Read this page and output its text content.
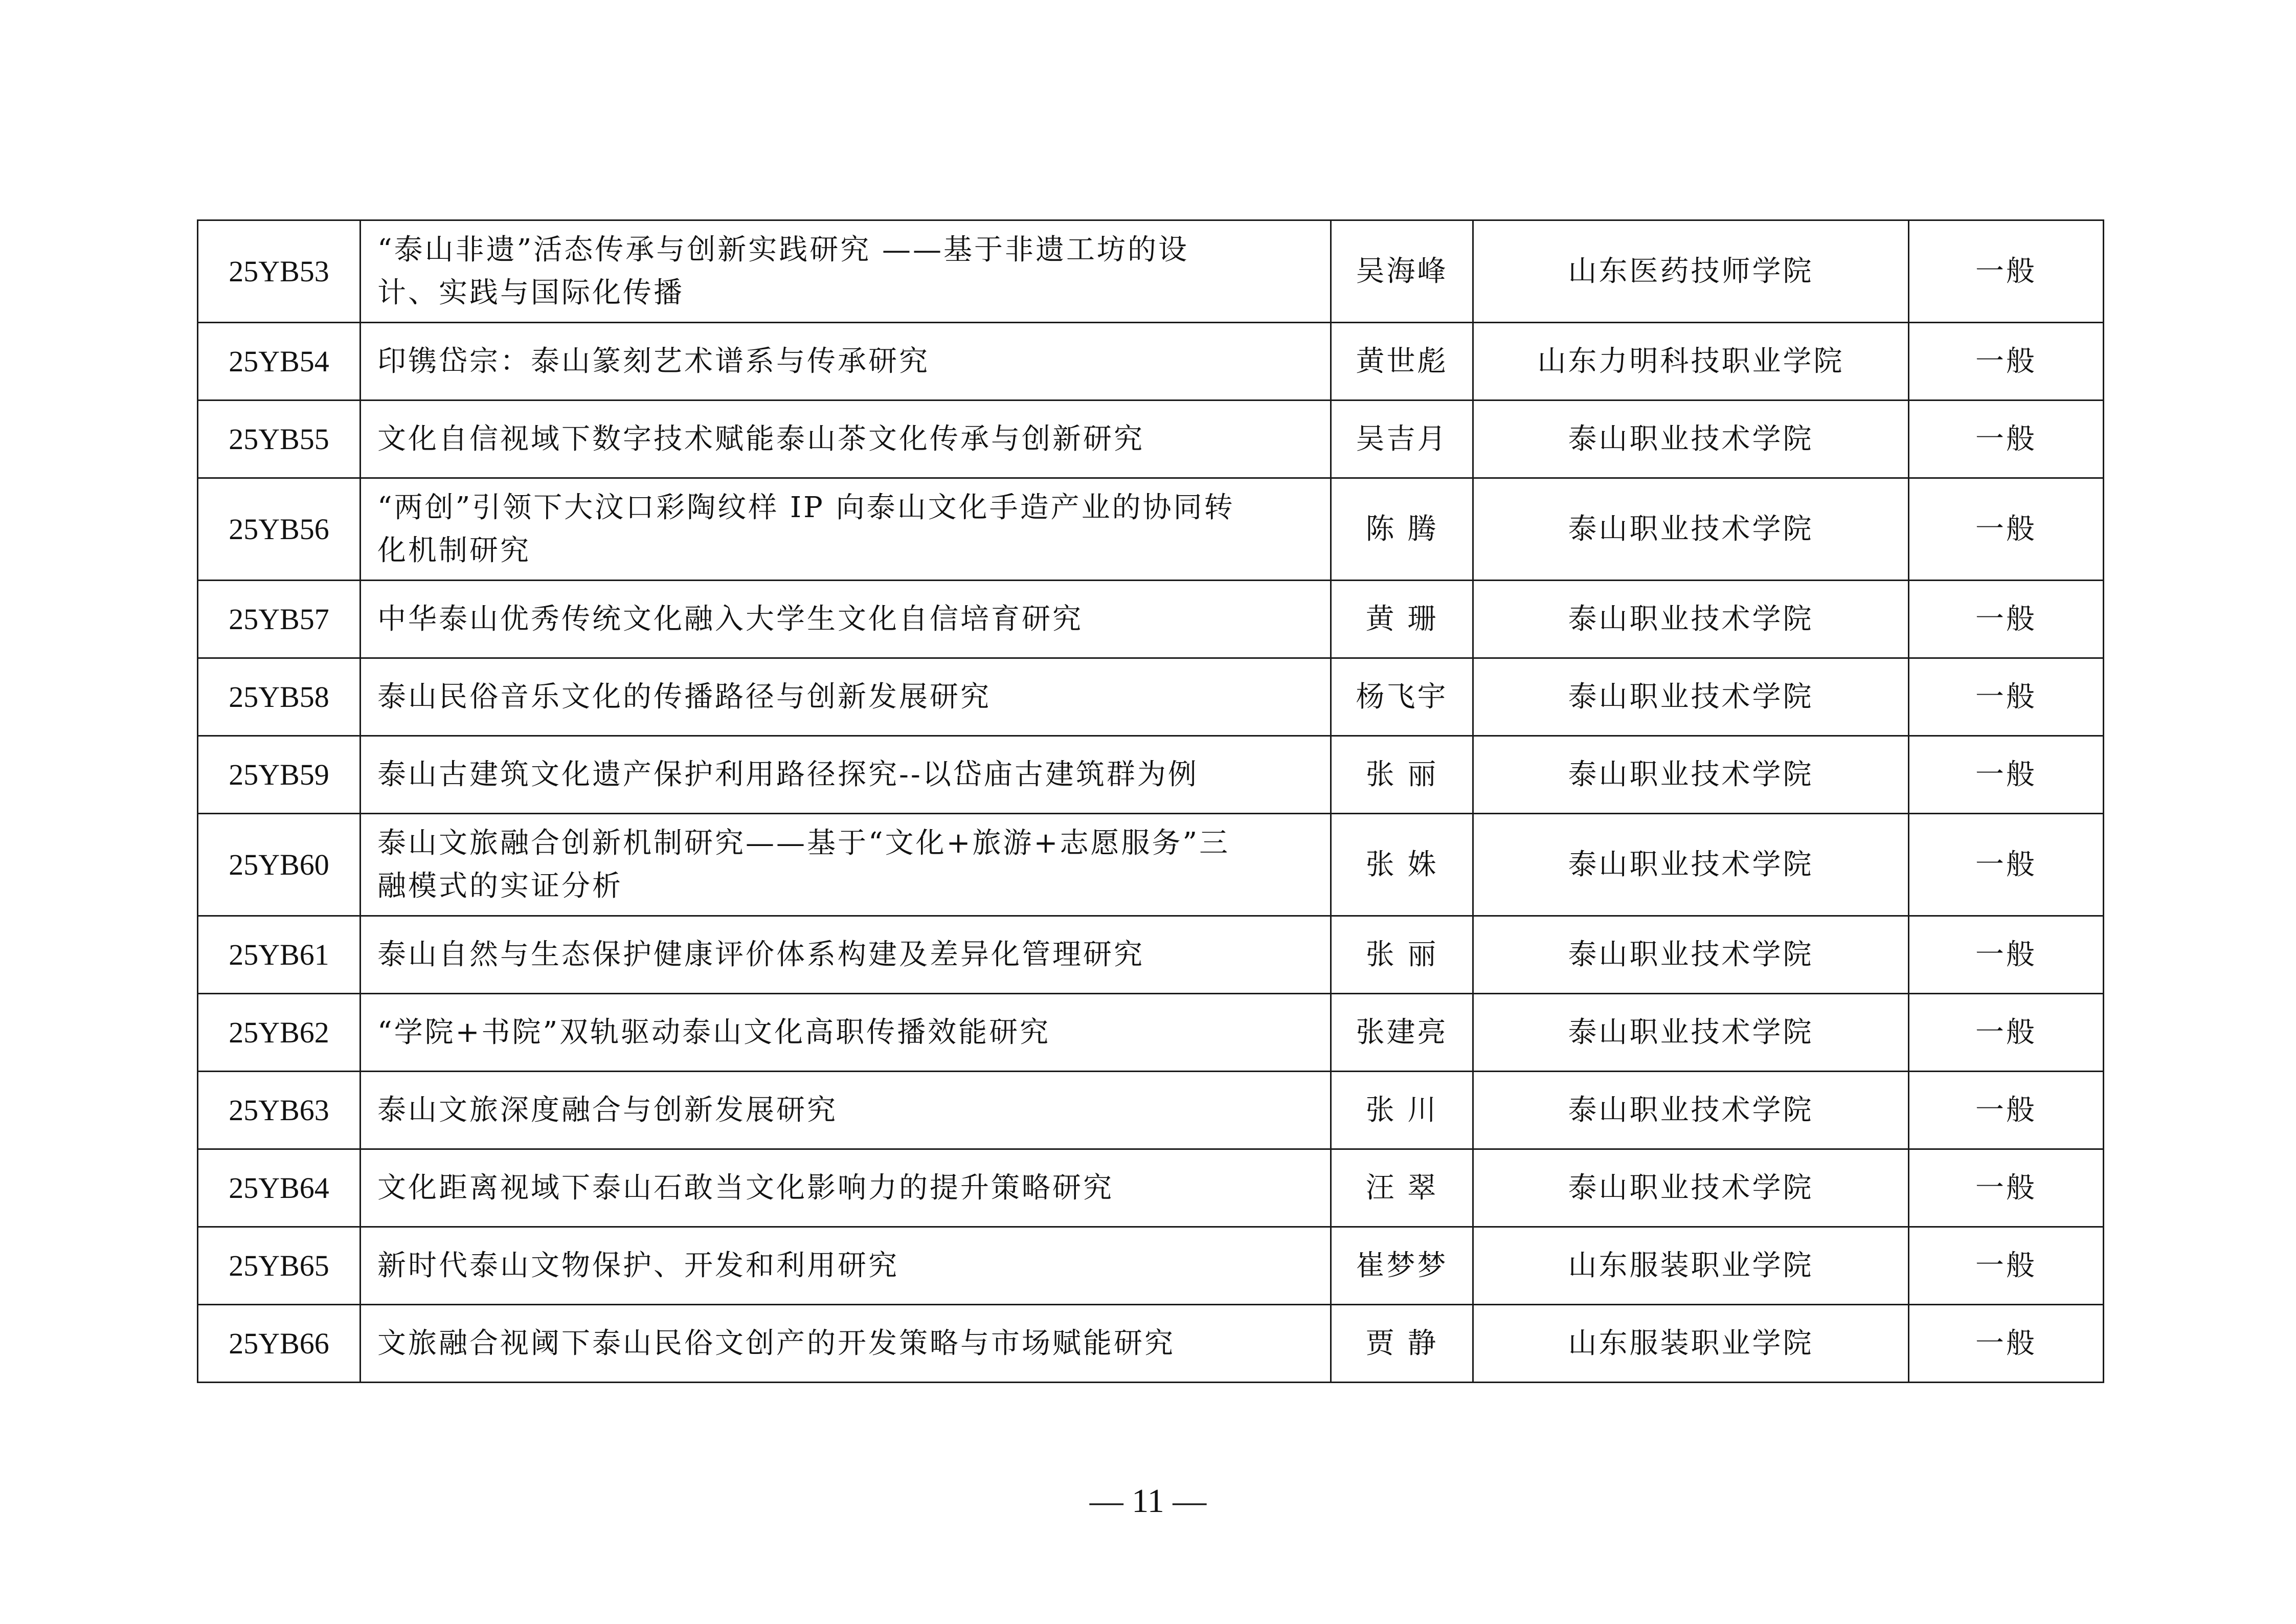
25YB53	“泰山非遗”活态传承与创新实践研究 ——基于非遗工坊的设
计、实践与国际化传播	吴海峰	山东医药技师学院	一般
25YB54	印镌岱宗：泰山篆刻艺术谱系与传承研究	黄世彪	山东力明科技职业学院	一般
25YB55	文化自信视域下数字技术赋能泰山茶文化传承与创新研究	吴吉月	泰山职业技术学院	一般
25YB56	“两创”引领下大汶口彩陶纹样 IP 向泰山文化手造产业的协同转
化机制研究	陈 腾	泰山职业技术学院	一般
25YB57	中华泰山优秀传统文化融入大学生文化自信培育研究	黄 珊	泰山职业技术学院	一般
25YB58	泰山民俗音乐文化的传播路径与创新发展研究	杨飞宇	泰山职业技术学院	一般
25YB59	泰山古建筑文化遗产保护利用路径探究--以岱庙古建筑群为例	张 丽	泰山职业技术学院	一般
25YB60	泰山文旅融合创新机制研究——基于“文化+旅游+志愿服务”三
融模式的实证分析	张 姝	泰山职业技术学院	一般
25YB61	泰山自然与生态保护健康评价体系构建及差异化管理研究	张 丽	泰山职业技术学院	一般
25YB62	“学院+书院”双轨驱动泰山文化高职传播效能研究	张建亮	泰山职业技术学院	一般
25YB63	泰山文旅深度融合与创新发展研究	张 川	泰山职业技术学院	一般
25YB64	文化距离视域下泰山石敢当文化影响力的提升策略研究	汪 翠	泰山职业技术学院	一般
25YB65	新时代泰山文物保护、开发和利用研究	崔梦梦	山东服装职业学院	一般
25YB66	文旅融合视阈下泰山民俗文创产的开发策略与市场赋能研究	贾 静	山东服装职业学院	一般
— 11 —
